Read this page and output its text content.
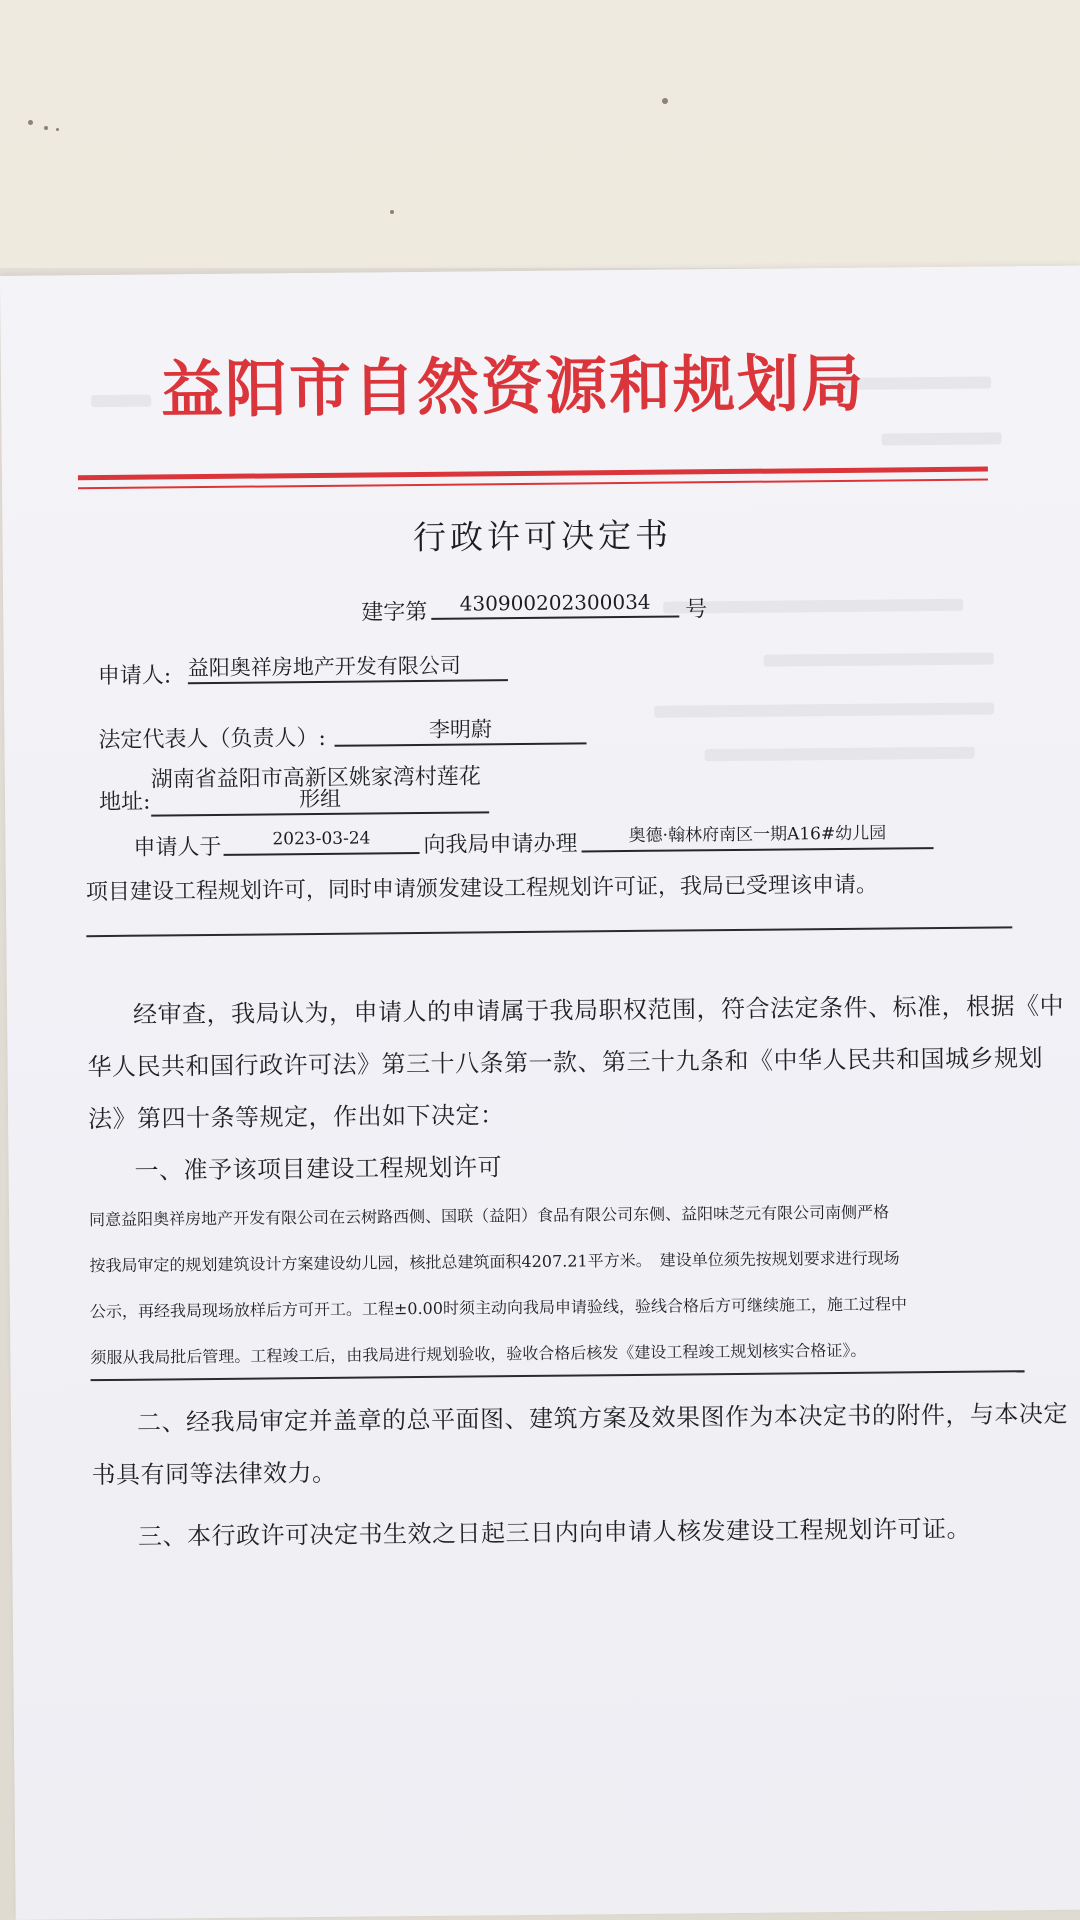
益阳市自然资源和规划局
行政许可决定书
建字第	430900202300034	号
申请人: 益阳奥祥房地产开发有限公司
法定代表人（负责人）:	李明蔚
地址:
湖南省益阳市高新区姚家湾村莲花
形组
申请人于	2023-03-24	向我局申请办理	奥德·翰林府南区一期A16#幼儿园
项目建设工程规划许可，同时申请颁发建设工程规划许可证，我局已受理该申请。
经审查，我局认为，申请人的申请属于我局职权范围，符合法定条件、标准，根据《中
华人民共和国行政许可法》第三十八条第一款、第三十九条和《中华人民共和国城乡规划
法》第四十条等规定，作出如下决定：
一、准予该项目建设工程规划许可
同意益阳奥祥房地产开发有限公司在云树路西侧、国联（益阳）食品有限公司东侧、益阳味芝元有限公司南侧严格
按我局审定的规划建筑设计方案建设幼儿园，核批总建筑面积4207.21平方米。　建设单位须先按规划要求进行现场
公示，再经我局现场放样后方可开工。工程±0.00时须主动向我局申请验线，验线合格后方可继续施工，施工过程中
须服从我局批后管理。工程竣工后，由我局进行规划验收，验收合格后核发《建设工程竣工规划核实合格证》。
二、经我局审定并盖章的总平面图、建筑方案及效果图作为本决定书的附件，与本决定
书具有同等法律效力。
三、本行政许可决定书生效之日起三日内向申请人核发建设工程规划许可证。
